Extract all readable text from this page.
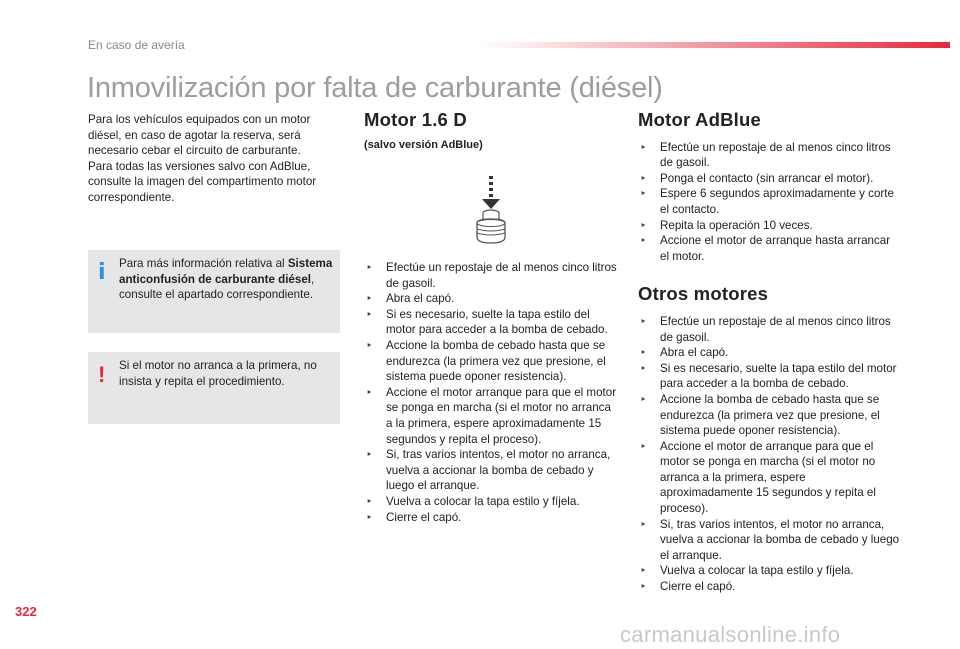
En caso de avería
Inmovilización por falta de carburante (diésel)

Para los vehículos equipados con un motor diésel, en caso de agotar la reserva, será necesario cebar el circuito de carburante.

Para todas las versiones salvo con AdBlue, consulte la imagen del compartimento motor correspondiente.

i Para más información relativa al Sistema anticonfusión de carburante diésel, consulte el apartado correspondiente.
! Si el motor no arranca a la primera, no insista y repita el procedimiento.
Motor 1.6 D
(salvo versión AdBlue)
‣ Efectúe un repostaje de al menos cinco litros de gasoil.
‣ Abra el capó.
‣ Si es necesario, suelte la tapa estilo del motor para acceder a la bomba de cebado.
‣ Accione la bomba de cebado hasta que se endurezca (la primera vez que presione, el sistema puede oponer resistencia).
‣ Accione el motor arranque para que el motor se ponga en marcha (si el motor no arranca a la primera, espere aproximadamente 15 segundos y repita el proceso).
‣ Si, tras varios intentos, el motor no arranca, vuelva a accionar la bomba de cebado y luego el arranque.
‣ Vuelva a colocar la tapa estilo y fíjela.
‣ Cierre el capó.
Motor AdBlue
‣ Efectúe un repostaje de al menos cinco litros de gasoil.
‣ Ponga el contacto (sin arrancar el motor).
‣ Espere 6 segundos aproximadamente y corte el contacto.
‣ Repita la operación 10 veces.
‣ Accione el motor de arranque hasta arrancar el motor.
Otros motores
‣ Efectúe un repostaje de al menos cinco litros de gasoil.
‣ Abra el capó.
‣ Si es necesario, suelte la tapa estilo del motor para acceder a la bomba de cebado.
‣ Accione la bomba de cebado hasta que se endurezca (la primera vez que presione, el sistema puede oponer resistencia).
‣ Accione el motor de arranque para que el motor se ponga en marcha (si el motor no arranca a la primera, espere aproximadamente 15 segundos y repita el proceso).
‣ Si, tras varios intentos, el motor no arranca, vuelva a accionar la bomba de cebado y luego el arranque.
‣ Vuelva a colocar la tapa estilo y fíjela.
‣ Cierre el capó.
322
carmanualsonline.info
